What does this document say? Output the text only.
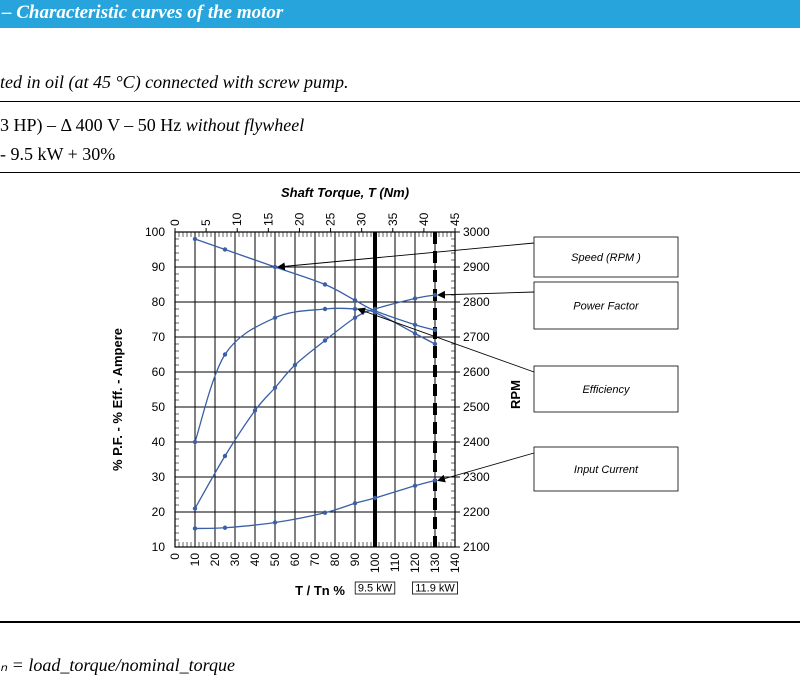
– Characteristic curves of the motor
ted in oil (at 45 °C) connected with screw pump.
3 HP) – Δ 400 V – 50 Hz without flywheel
- 9.5 kW + 30%
9.5 kW 11.9 kW
100
90
80
70
60
50
40
30
20
10
3000
2900
2800
2700
2600
2500
2400
2300
2200
2100
0 10 20 30 40 50 60 70 80 90 100 110 120 130 140
0 5 10 15 20 25 30 35 40 45
Shaft Torque, T (Nm)
T / Tn %
% P.F. - % Eff. - Ampere	RPM
Speed (RPM )
Power Factor
Efficiency
Input Current
ₙ = load_torque/nominal_torque
